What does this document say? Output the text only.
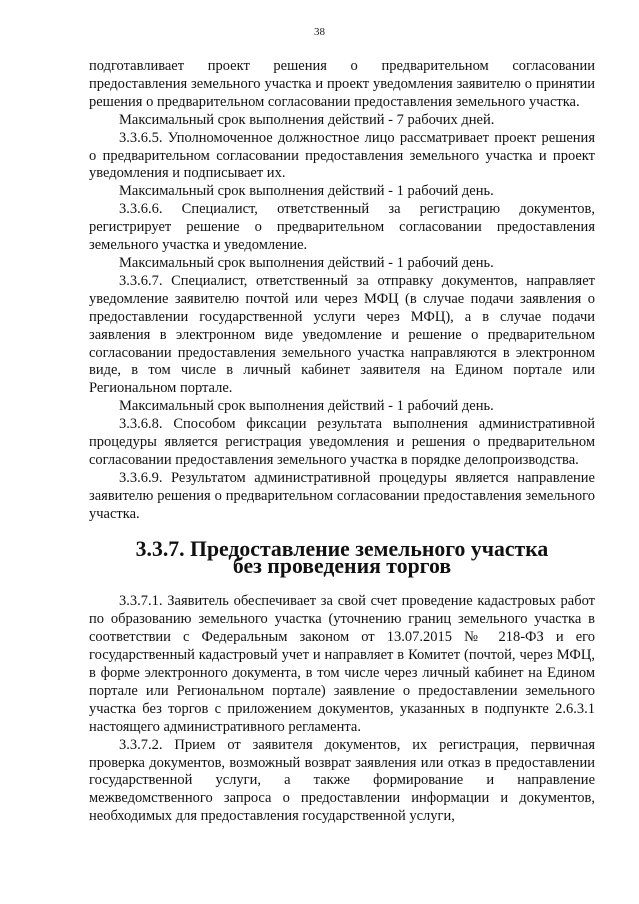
38

подготавливает проект решения о предварительном согласовании предоставления земельного участка и проект уведомления заявителю о принятии решения о предварительном согласовании предоставления земельного участка.

Максимальный срок выполнения действий - 7 рабочих дней.

3.3.6.5. Уполномоченное должностное лицо рассматривает проект решения о предварительном согласовании предоставления земельного участка и проект уведомления и подписывает их.

Максимальный срок выполнения действий - 1 рабочий день.

3.3.6.6. Специалист, ответственный за регистрацию документов, регистрирует решение о предварительном согласовании предоставления земельного участка и уведомление.

Максимальный срок выполнения действий - 1 рабочий день.

3.3.6.7. Специалист, ответственный за отправку документов, направляет уведомление заявителю почтой или через МФЦ (в случае подачи заявления о предоставлении государственной услуги через МФЦ), а в случае подачи заявления в электронном виде уведомление и решение о предварительном согласовании предоставления земельного участка направляются в электронном виде, в том числе в личный кабинет заявителя на Едином портале или Региональном портале.

Максимальный срок выполнения действий - 1 рабочий день.

3.3.6.8. Способом фиксации результата выполнения административной процедуры является регистрация уведомления и решения о предварительном согласовании предоставления земельного участка в порядке делопроизводства.

3.3.6.9. Результатом административной процедуры является направление заявителю решения о предварительном согласовании предоставления земельного участка.

3.3.7. Предоставление земельного участка
без проведения торгов

3.3.7.1. Заявитель обеспечивает за свой счет проведение кадастровых работ по образованию земельного участка (уточнению границ земельного участка в соответствии с Федеральным законом от 13.07.2015 № 218-ФЗ и его государственный кадастровый учет и направляет в Комитет (почтой, через МФЦ, в форме электронного документа, в том числе через личный кабинет на Едином портале или Региональном портале) заявление о предоставлении земельного участка без торгов с приложением документов, указанных в подпункте 2.6.3.1 настоящего административного регламента.

3.3.7.2. Прием от заявителя документов, их регистрация, первичная проверка документов, возможный возврат заявления или отказ в предоставлении государственной услуги, а также формирование и направление межведомственного запроса о предоставлении информации и документов, необходимых для предоставления государственной услуги,
